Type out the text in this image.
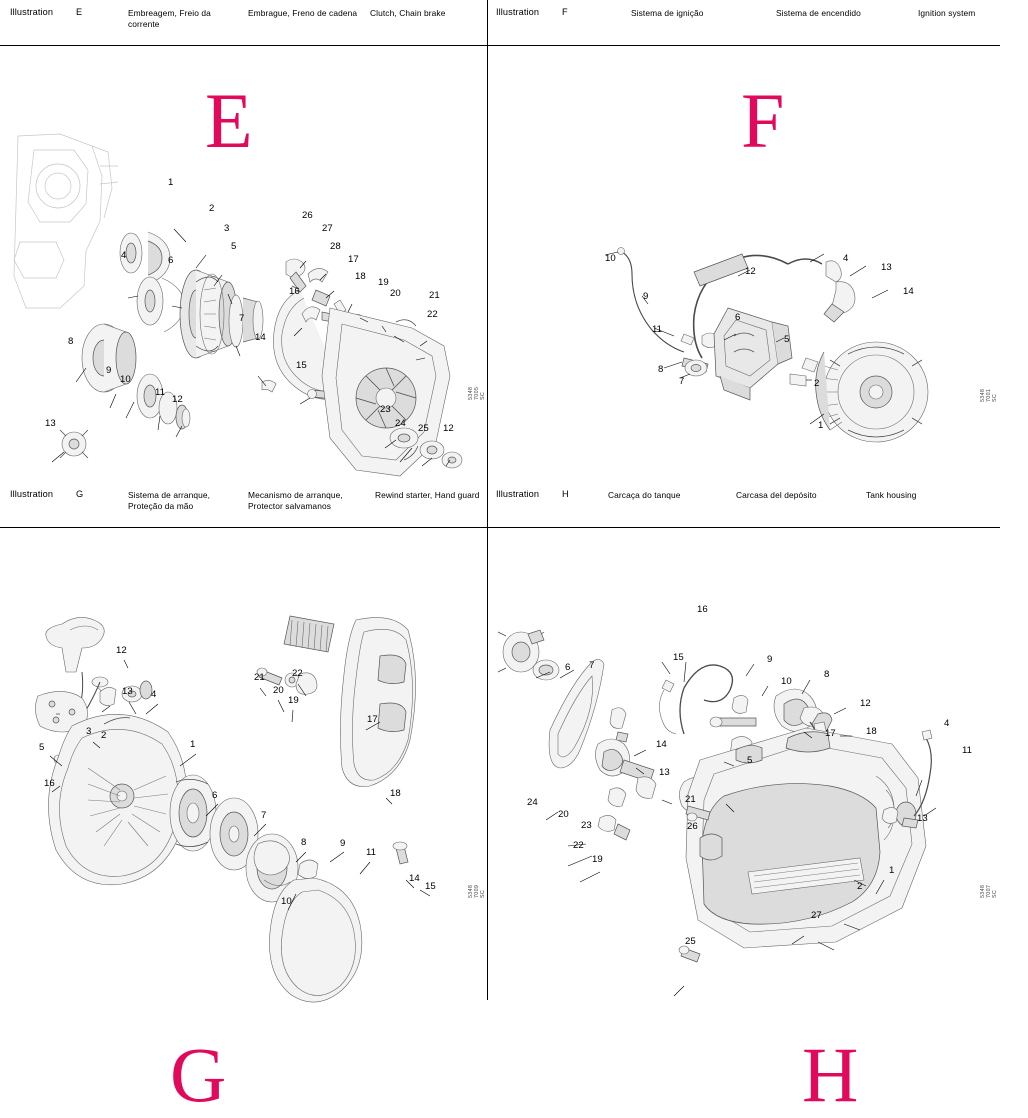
Illustration E	Embreagem, Freio da corrente
Embrague, Freno de cadena Clutch, Chain brake
E
5348 7005 SC
Illustration F	Sistema de ignição	Sistema de encendido	Ignition system
F
5348 7001 SC
Illustration G	Sistema de arranque, Proteção da mão
Mecanismo de arranque, Protector salvamanos
Rewind starter, Hand guard
G
5348 7009 SC
Illustration H	Carcaça do tanque	Carcasa del depósito	Tank housing
H
5348 7007 SC
1
2
3
4
5
6
7
8
9
10
11
12
13
14
15
16
17
18
19
20	21
22
23
24 25
26
27
28
12	1
2
4
5
6
7
8
9
10
11
12	13
14
1
2
3
4
5
6
7
8	9
10
11
12
13
14
15
16
17
18
19
20
21	22
1
2
4
5
6 7
8
9
10
11
12
13
14
15
16
17	18
19
20
21
22
23
24
25
26
27
13
